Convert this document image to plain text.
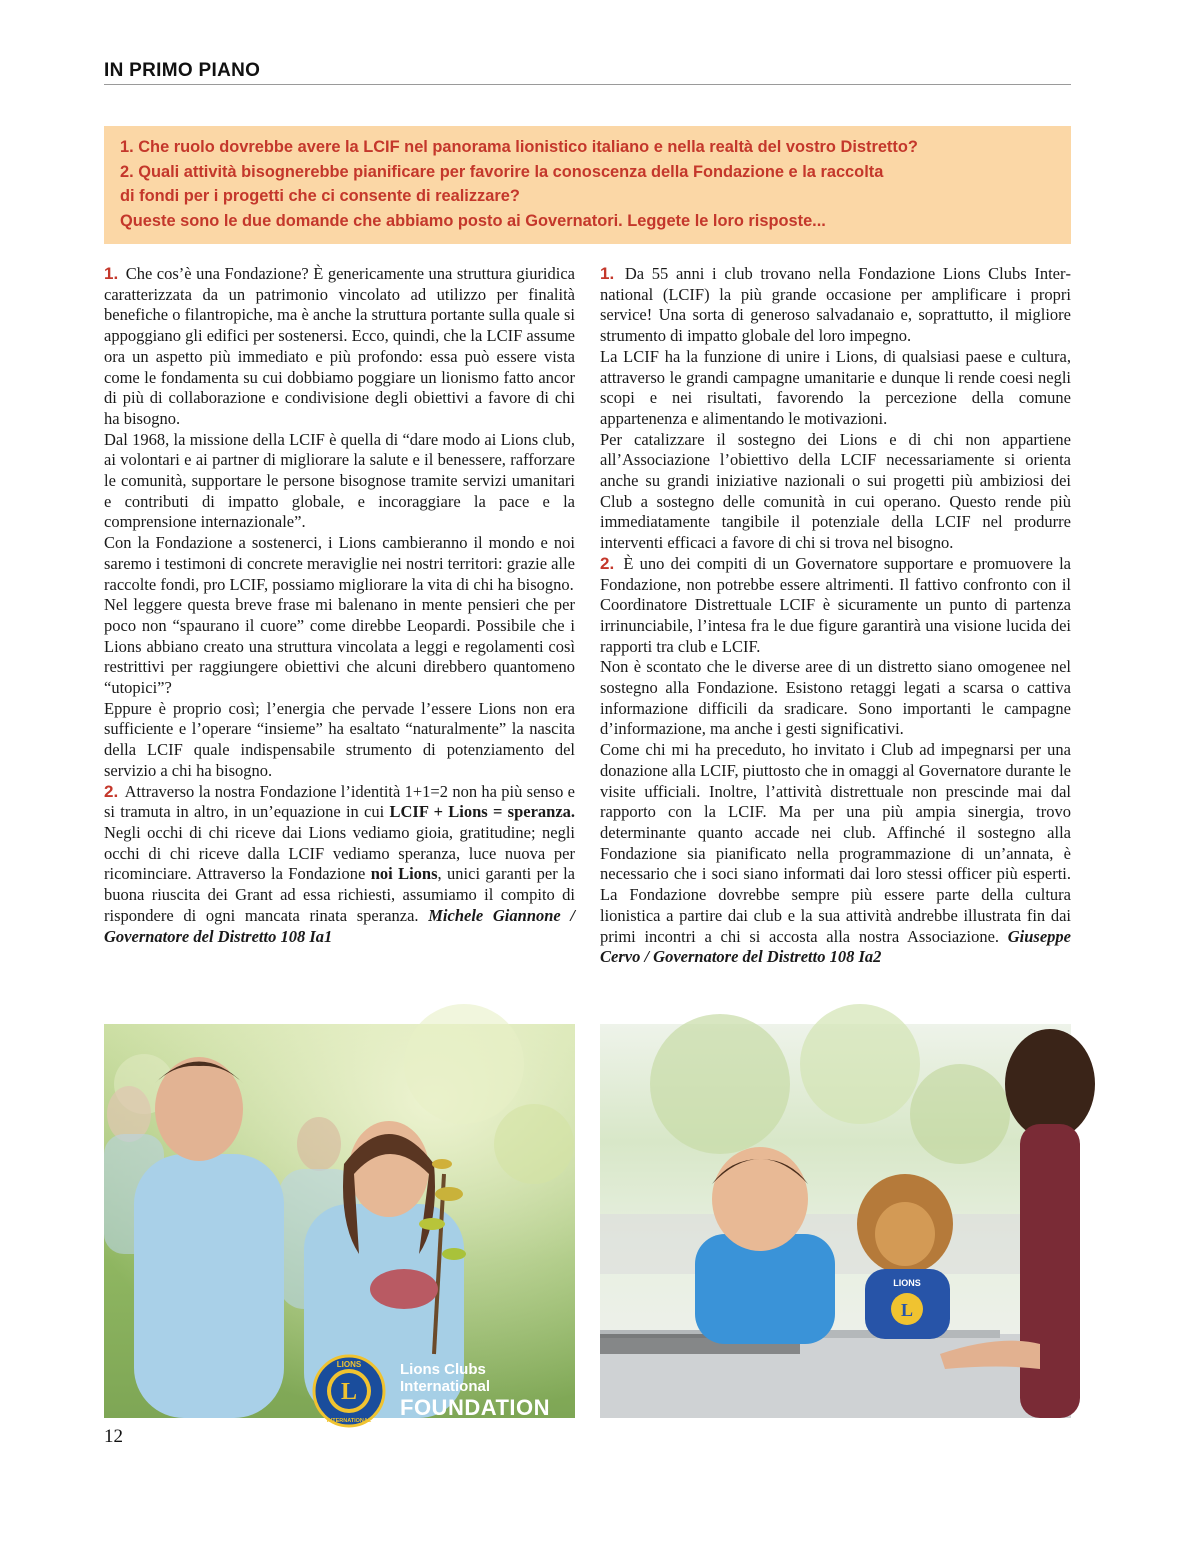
IN PRIMO PIANO
1. Che ruolo dovrebbe avere la LCIF nel panorama lionistico italiano e nella realtà del vostro Distretto?
2. Quali attività bisognerebbe pianificare per favorire la conoscenza della Fondazione e la raccolta
di fondi per i progetti che ci consente di realizzare?
Queste sono le due domande che abbiamo posto ai Governatori. Leggete le loro risposte...

1. Che cos’è una Fondazione? È genericamente una struttura giuridica caratterizzata da un patrimonio vincolato ad utilizzo per finalità benefiche o filantropiche, ma è anche la struttura portante sulla quale si appoggiano gli edifici per sostenersi. Ecco, quindi, che la LCIF assume ora un aspetto più immediato e più profondo: essa può essere vista come le fondamenta su cui dobbiamo poggiare un lionismo fatto ancor di più di collaborazione e condivisione degli obiettivi a favore di chi ha bisogno.

Dal 1968, la missione della LCIF è quella di “dare modo ai Lions club, ai volontari e ai partner di migliorare la salute e il benessere, rafforzare le comunità, supportare le persone bisognose tramite servizi umanitari e contributi di impatto globale, e incoraggiare la pace e la comprensione internazionale”.

Con la Fondazione a sostenerci, i Lions cambieranno il mondo e noi saremo i testimoni di concrete meraviglie nei nostri territori: grazie alle raccolte fondi, pro LCIF, possiamo migliorare la vita di chi ha bisogno.

Nel leggere questa breve frase mi balenano in mente pensieri che per poco non “spaurano il cuore” come direbbe Leopardi. Possibile che i Lions abbiano creato una struttura vincolata a leggi e regolamenti così restrittivi per raggiungere obiettivi che alcuni direbbero quantomeno “utopici”?

Eppure è proprio così; l’energia che pervade l’essere Lions non era sufficiente e l’operare “insieme” ha esaltato “naturalmente” la nascita della LCIF quale indispensabile strumento di potenziamento del servizio a chi ha bisogno.

2. Attraverso la nostra Fondazione l’identità 1+1=2 non ha più senso e si tramuta in altro, in un’equazione in cui LCIF + Lions = speranza. Negli occhi di chi riceve dai Lions vediamo gioia, gratitudine; negli occhi di chi riceve dalla LCIF vediamo speranza, luce nuova per ricominciare. Attraverso la Fondazione noi Lions, unici garanti per la buona riuscita dei Grant ad essa richiesti, assumiamo il compito di rispondere di ogni mancata rinata speranza. Michele Giannone / Governatore del Distretto 108 Ia1

1. Da 55 anni i club trovano nella Fondazione Lions Clubs International (LCIF) la più grande occasione per amplificare i propri service! Una sorta di generoso salvadanaio e, soprattutto, il migliore strumento di impatto globale del loro impegno.

La LCIF ha la funzione di unire i Lions, di qualsiasi paese e cultura, attraverso le grandi campagne umanitarie e dunque li rende coesi negli scopi e nei risultati, favorendo la percezione della comune appartenenza e alimentando le motivazioni.

Per catalizzare il sostegno dei Lions e di chi non appartiene all’Associazione l’obiettivo della LCIF necessariamente si orienta anche su grandi iniziative nazionali o sui progetti più ambiziosi dei Club a sostegno delle comunità in cui operano. Questo rende più immediatamente tangibile il potenziale della LCIF nel produrre interventi efficaci a favore di chi si trova nel bisogno.

2. È uno dei compiti di un Governatore supportare e promuovere la Fondazione, non potrebbe essere altrimenti. Il fattivo confronto con il Coordinatore Distrettuale LCIF è sicuramente un punto di partenza irrinunciabile, l’intesa fra le due figure garantirà una visione lucida dei rapporti tra club e LCIF.

Non è scontato che le diverse aree di un distretto siano omogenee nel sostegno alla Fondazione. Esistono retaggi legati a scarsa o cattiva informazione difficili da sradicare. Sono importanti le campagne d’informazione, ma anche i gesti significativi.

Come chi mi ha preceduto, ho invitato i Club ad impegnarsi per una donazione alla LCIF, piuttosto che in omaggi al Governatore durante le visite ufficiali. Inoltre, l’attività distrettuale non prescinde mai dal rapporto con la LCIF. Ma per una più ampia sinergia, trovo determinante quanto accade nei club. Affinché il sostegno alla Fondazione sia pianificato nella programmazione di un’annata, è necessario che i soci siano informati dai loro stessi officer più esperti. La Fondazione dovrebbe sempre più essere parte della cultura lionistica a partire dai club e la sua attività andrebbe illustrata fin dai primi incontri a chi si accosta alla nostra Associazione. Giuseppe Cervo / Governatore del Distretto 108 Ia2

L
LIONS
INTERNATIONAL
Lions Clubs International
FOUNDATION
L
LIONS
12
